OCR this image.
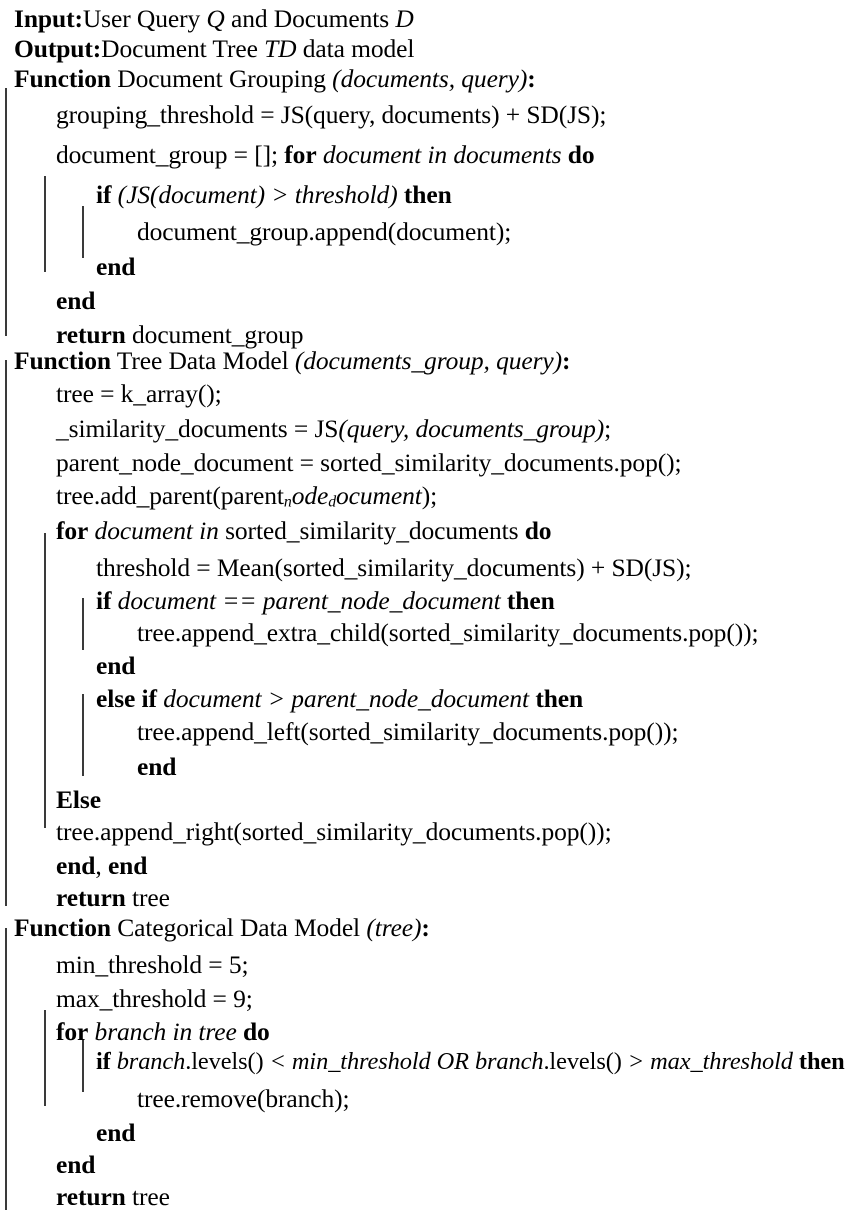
Input:User Query Q and Documents D
Output:Document Tree TD data model
Function Document Grouping (documents, query):
grouping_threshold = JS(query, documents) + SD(JS);
document_group = []; for document in documents do
if (JS(document) > threshold) then
document_group.append(document);
end
end
return document_group
Function Tree Data Model (documents_group, query):
tree = k_array();
_similarity_documents = JS(query, documents_group);
parent_node_document = sorted_similarity_documents.pop();
tree.add_parent(parentnodedocument);
for document in sorted_similarity_documents do
threshold = Mean(sorted_similarity_documents) + SD(JS);
if document == parent_node_document then
tree.append_extra_child(sorted_similarity_documents.pop());
end
else if document > parent_node_document then
tree.append_left(sorted_similarity_documents.pop());
end
Else
tree.append_right(sorted_similarity_documents.pop());
end, end
return tree
Function Categorical Data Model (tree):
min_threshold = 5;
max_threshold = 9;
for branch in tree do
if branch.levels() < min_threshold OR branch.levels() > max_threshold then
tree.remove(branch);
end
end
return tree
